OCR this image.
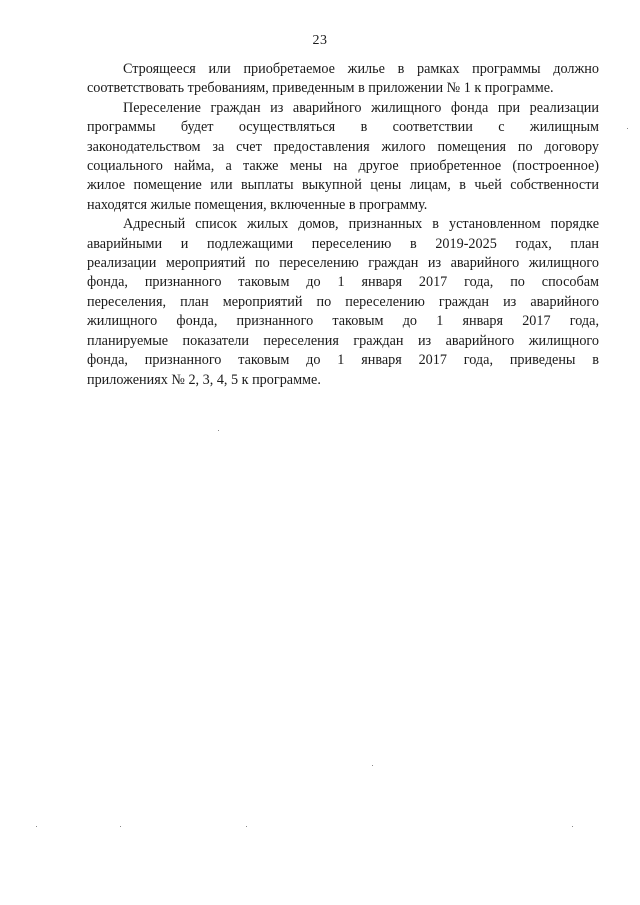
23

Строящееся или приобретаемое жилье в рамках программы должно
соответствовать требованиям, приведенным в приложении № 1 к программе.

Переселение граждан из аварийного жилищного фонда при реализации
программы будет осуществляться в соответствии с жилищным
законодательством за счет предоставления жилого помещения по договору
социального найма, а также мены на другое приобретенное (построенное)
жилое помещение или выплаты выкупной цены лицам, в чьей собственности
находятся жилые помещения, включенные в программу.

Адресный список жилых домов, признанных в установленном порядке
аварийными и подлежащими переселению в 2019-2025 годах, план
реализации мероприятий по переселению граждан из аварийного жилищного
фонда, признанного таковым до 1 января 2017 года, по способам
переселения, план мероприятий по переселению граждан из аварийного
жилищного фонда, признанного таковым до 1 января 2017 года,
планируемые показатели переселения граждан из аварийного жилищного
фонда, признанного таковым до 1 января 2017 года, приведены в
приложениях № 2, 3, 4, 5 к программе.
